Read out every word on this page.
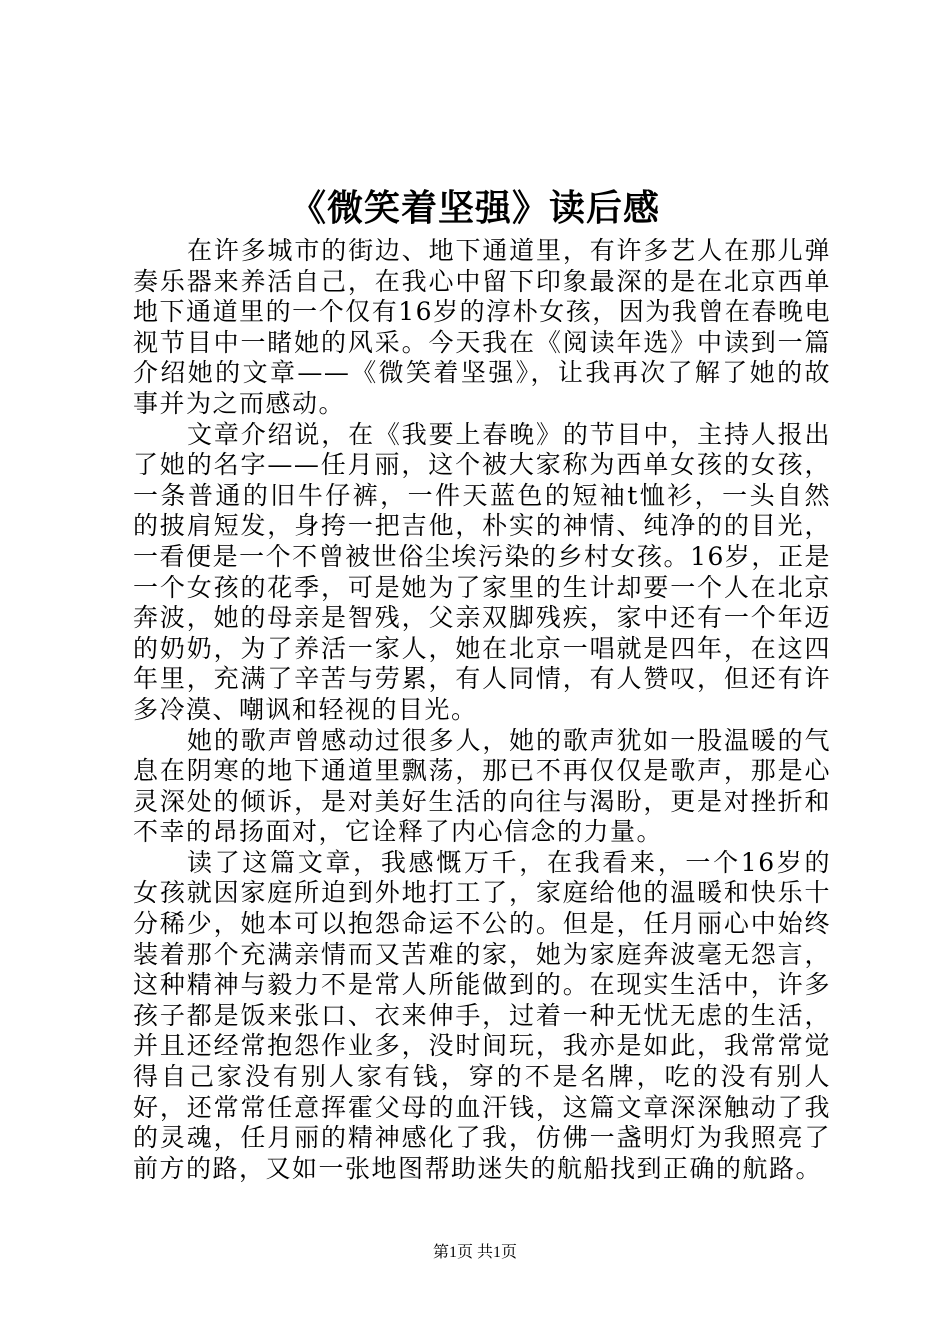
《微笑着坚强》读后感

在许多城市的街边、地下通道里，有许多艺人在那儿弹奏乐器来养活自己，在我心中留下印象最深的是在北京西单地下通道里的一个仅有16岁的淳朴女孩，因为我曾在春晚电视节目中一睹她的风采。今天我在《阅读年选》中读到一篇介绍她的文章——《微笑着坚强》，让我再次了解了她的故事并为之而感动。

文章介绍说，在《我要上春晚》的节目中，主持人报出了她的名字——任月丽，这个被大家称为西单女孩的女孩，一条普通的旧牛仔裤，一件天蓝色的短袖t恤衫，一头自然的披肩短发，身挎一把吉他，朴实的神情、纯净的的目光，一看便是一个不曾被世俗尘埃污染的乡村女孩。16岁，正是一个女孩的花季，可是她为了家里的生计却要一个人在北京奔波，她的母亲是智残，父亲双脚残疾，家中还有一个年迈的奶奶，为了养活一家人，她在北京一唱就是四年，在这四年里，充满了辛苦与劳累，有人同情，有人赞叹，但还有许多冷漠、嘲讽和轻视的目光。

她的歌声曾感动过很多人，她的歌声犹如一股温暖的气息在阴寒的地下通道里飘荡，那已不再仅仅是歌声，那是心灵深处的倾诉，是对美好生活的向往与渴盼，更是对挫折和不幸的昂扬面对，它诠释了内心信念的力量。

读了这篇文章，我感慨万千，在我看来，一个16岁的女孩就因家庭所迫到外地打工了，家庭给他的温暖和快乐十分稀少，她本可以抱怨命运不公的。但是，任月丽心中始终装着那个充满亲情而又苦难的家，她为家庭奔波毫无怨言，这种精神与毅力不是常人所能做到的。在现实生活中，许多孩子都是饭来张口、衣来伸手，过着一种无忧无虑的生活，并且还经常抱怨作业多，没时间玩，我亦是如此，我常常觉得自己家没有别人家有钱，穿的不是名牌，吃的没有别人好，还常常任意挥霍父母的血汗钱，这篇文章深深触动了我的灵魂，任月丽的精神感化了我，仿佛一盏明灯为我照亮了前方的路，又如一张地图帮助迷失的航船找到正确的航路。

第1页 共1页
